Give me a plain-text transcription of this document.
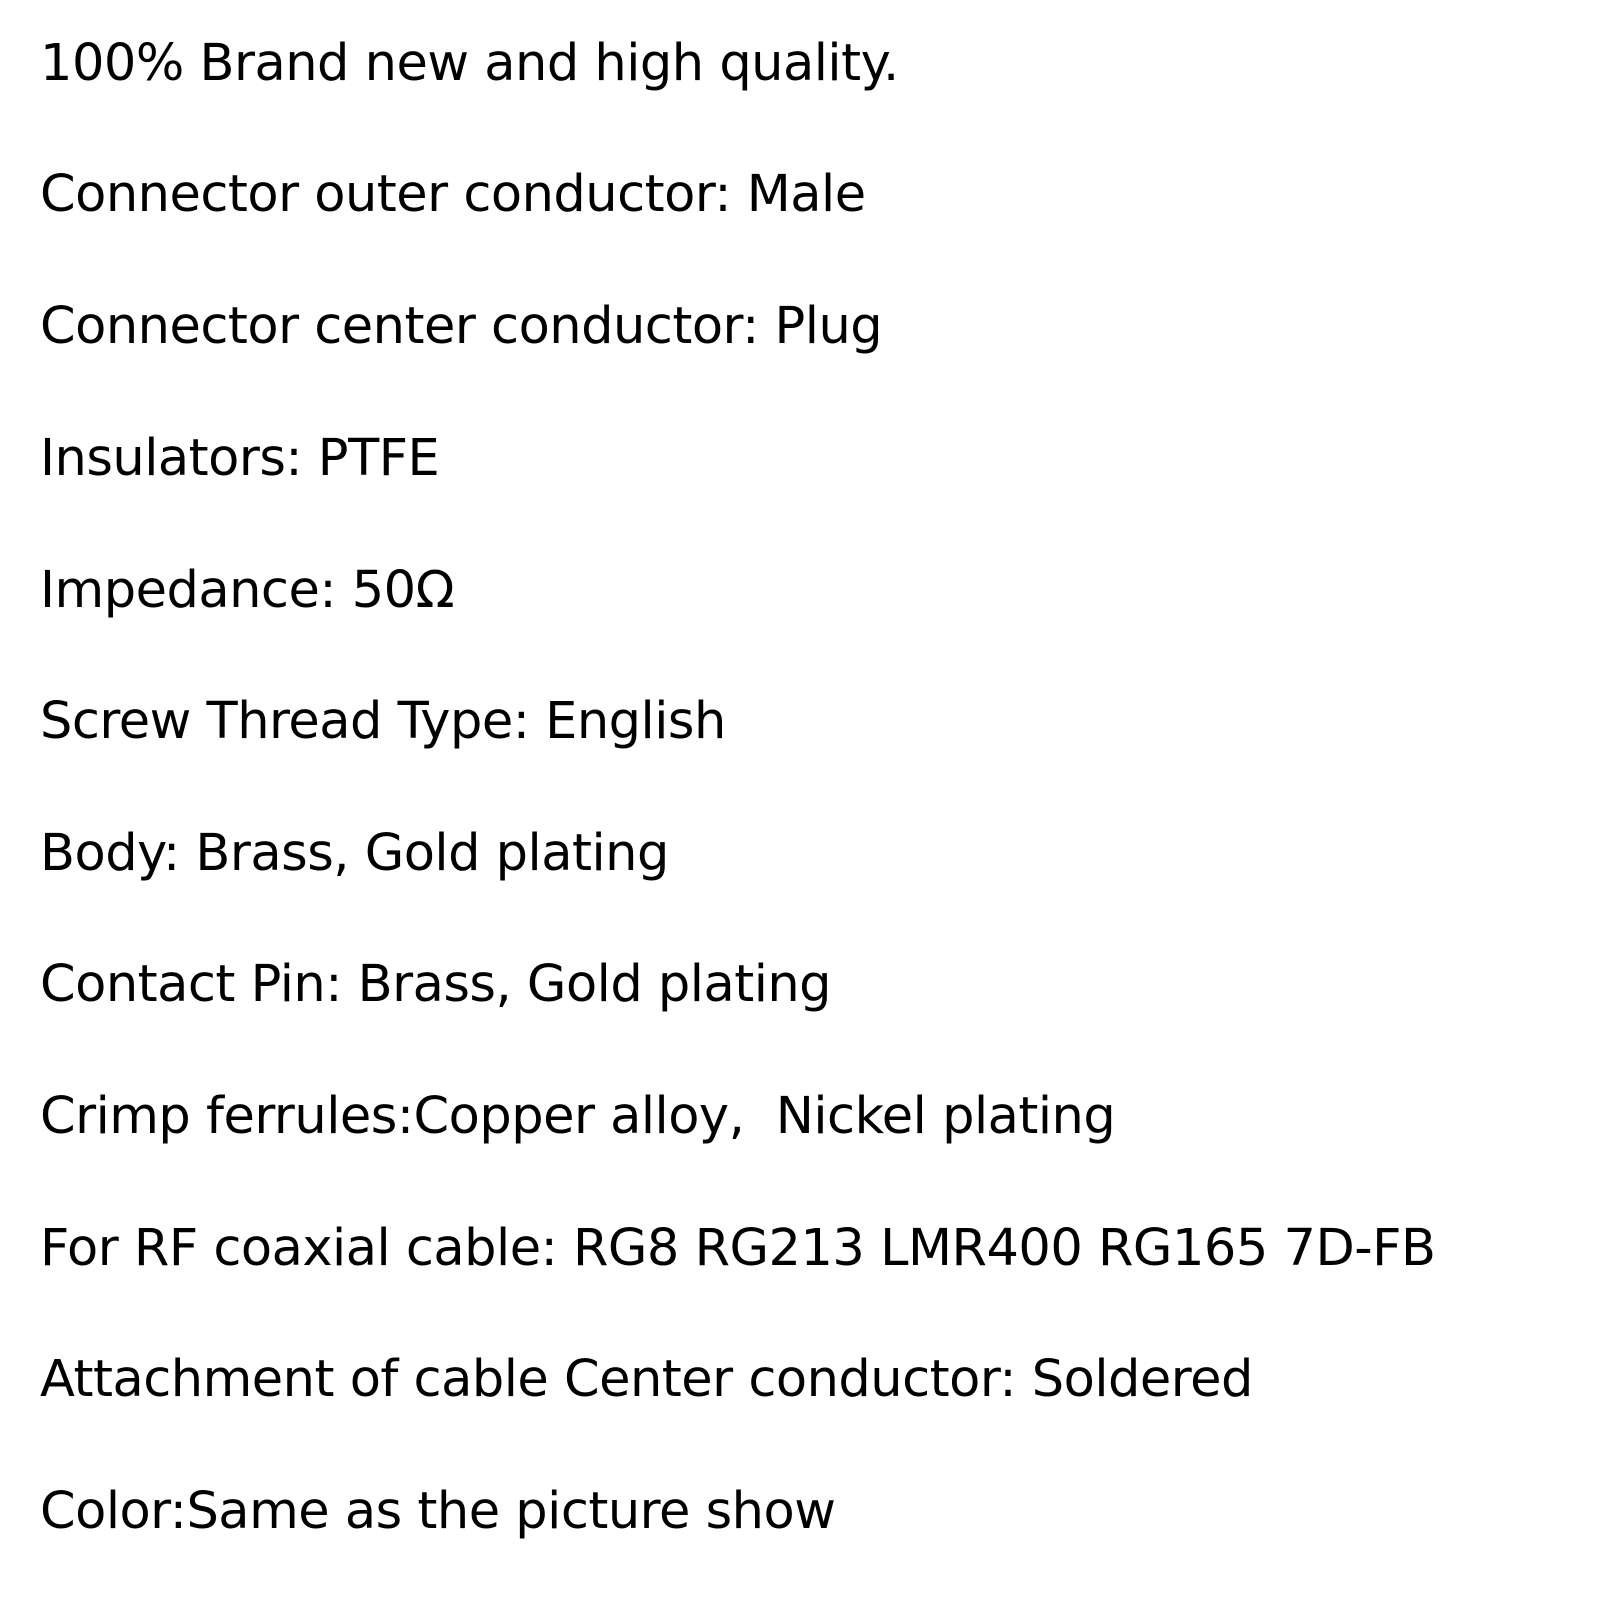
100% Brand new and high quality.
Connector outer conductor: Male
Connector center conductor: Plug
Insulators: PTFE
Impedance: 50Ω
Screw Thread Type: English
Body: Brass, Gold plating
Contact Pin: Brass, Gold plating
Crimp ferrules:Copper alloy,  Nickel plating
For RF coaxial cable: RG8 RG213 LMR400 RG165 7D-FB
Attachment of cable Center conductor: Soldered
Color:Same as the picture show
